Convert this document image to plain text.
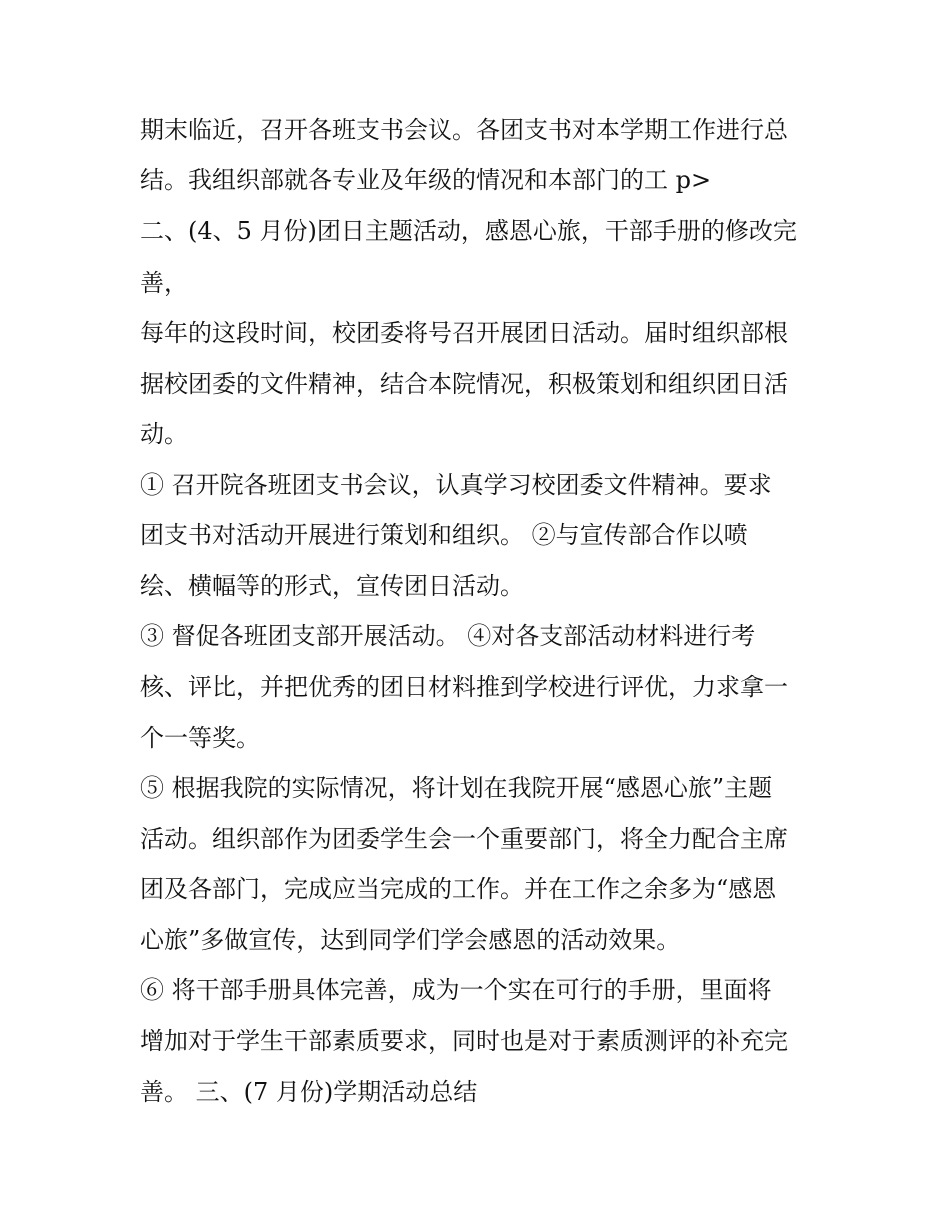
期末临近，召开各班支书会议。各团支书对本学期工作进行总
结。我组织部就各专业及年级的情况和本部门的工 p>
二、(4、5 月份)团日主题活动，感恩心旅，干部手册的修改完
善，
每年的这段时间，校团委将号召开展团日活动。届时组织部根
据校团委的文件精神，结合本院情况，积极策划和组织团日活
动。
① 召开院各班团支书会议，认真学习校团委文件精神。要求
团支书对活动开展进行策划和组织。 ②与宣传部合作以喷
绘、横幅等的形式，宣传团日活动。
③ 督促各班团支部开展活动。 ④对各支部活动材料进行考
核、评比，并把优秀的团日材料推到学校进行评优，力求拿一
个一等奖。
⑤ 根据我院的实际情况，将计划在我院开展“感恩心旅”主题
活动。组织部作为团委学生会一个重要部门，将全力配合主席
团及各部门，完成应当完成的工作。并在工作之余多为“感恩
心旅”多做宣传，达到同学们学会感恩的活动效果。
⑥ 将干部手册具体完善，成为一个实在可行的手册，里面将
增加对于学生干部素质要求，同时也是对于素质测评的补充完
善。 三、(7 月份)学期活动总结
